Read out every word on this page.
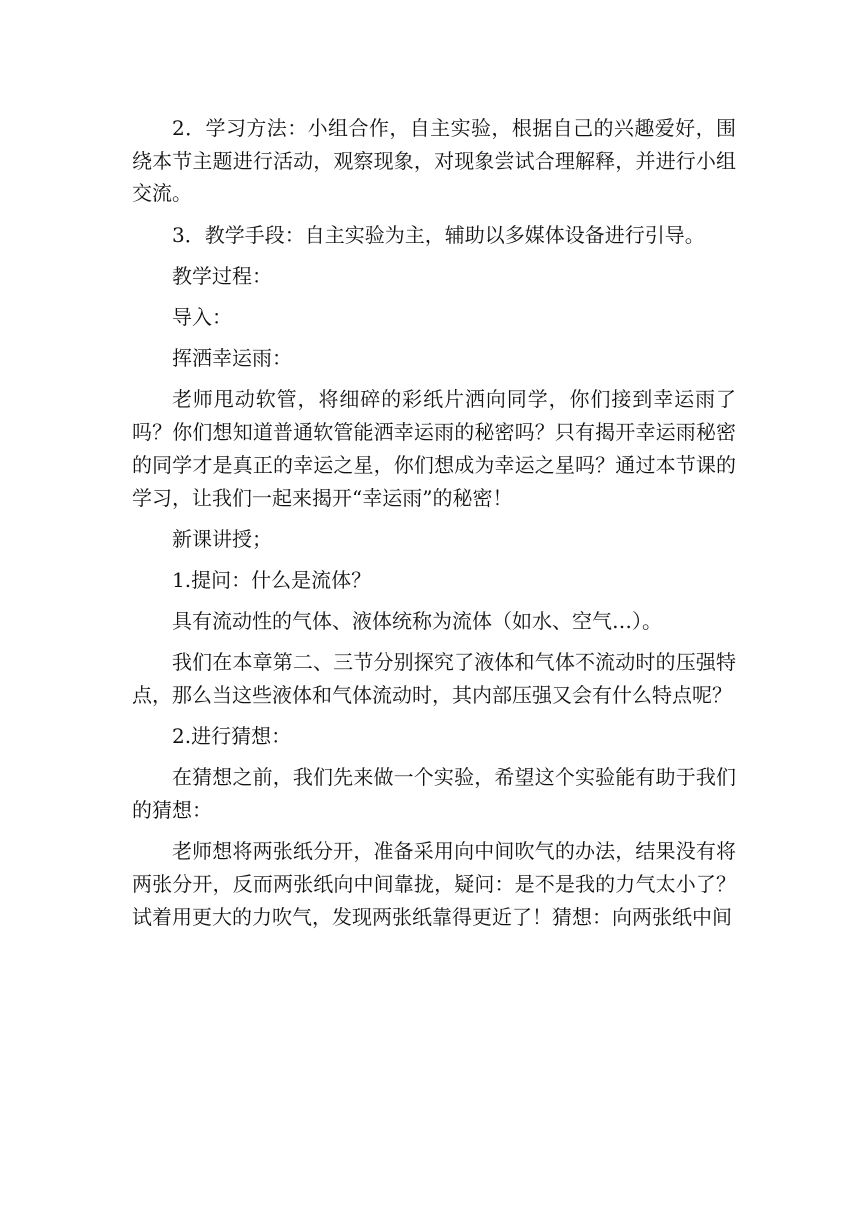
2．学习方法：小组合作，自主实验，根据自己的兴趣爱好，围绕本节主题进行活动，观察现象，对现象尝试合理解释，并进行小组交流。

3．教学手段：自主实验为主，辅助以多媒体设备进行引导。

教学过程：

导入：

挥洒幸运雨：

老师甩动软管，将细碎的彩纸片洒向同学，你们接到幸运雨了吗？你们想知道普通软管能洒幸运雨的秘密吗？只有揭开幸运雨秘密的同学才是真正的幸运之星，你们想成为幸运之星吗？通过本节课的学习，让我们一起来揭开“幸运雨”的秘密！

新课讲授；

1.提问：什么是流体？

具有流动性的气体、液体统称为流体（如水、空气…）。

我们在本章第二、三节分别探究了液体和气体不流动时的压强特点，那么当这些液体和气体流动时，其内部压强又会有什么特点呢？

2.进行猜想：

在猜想之前，我们先来做一个实验，希望这个实验能有助于我们的猜想：

老师想将两张纸分开，准备采用向中间吹气的办法，结果没有将两张分开，反而两张纸向中间靠拢，疑问：是不是我的力气太小了？试着用更大的力吹气，发现两张纸靠得更近了！猜想：向两张纸中间
